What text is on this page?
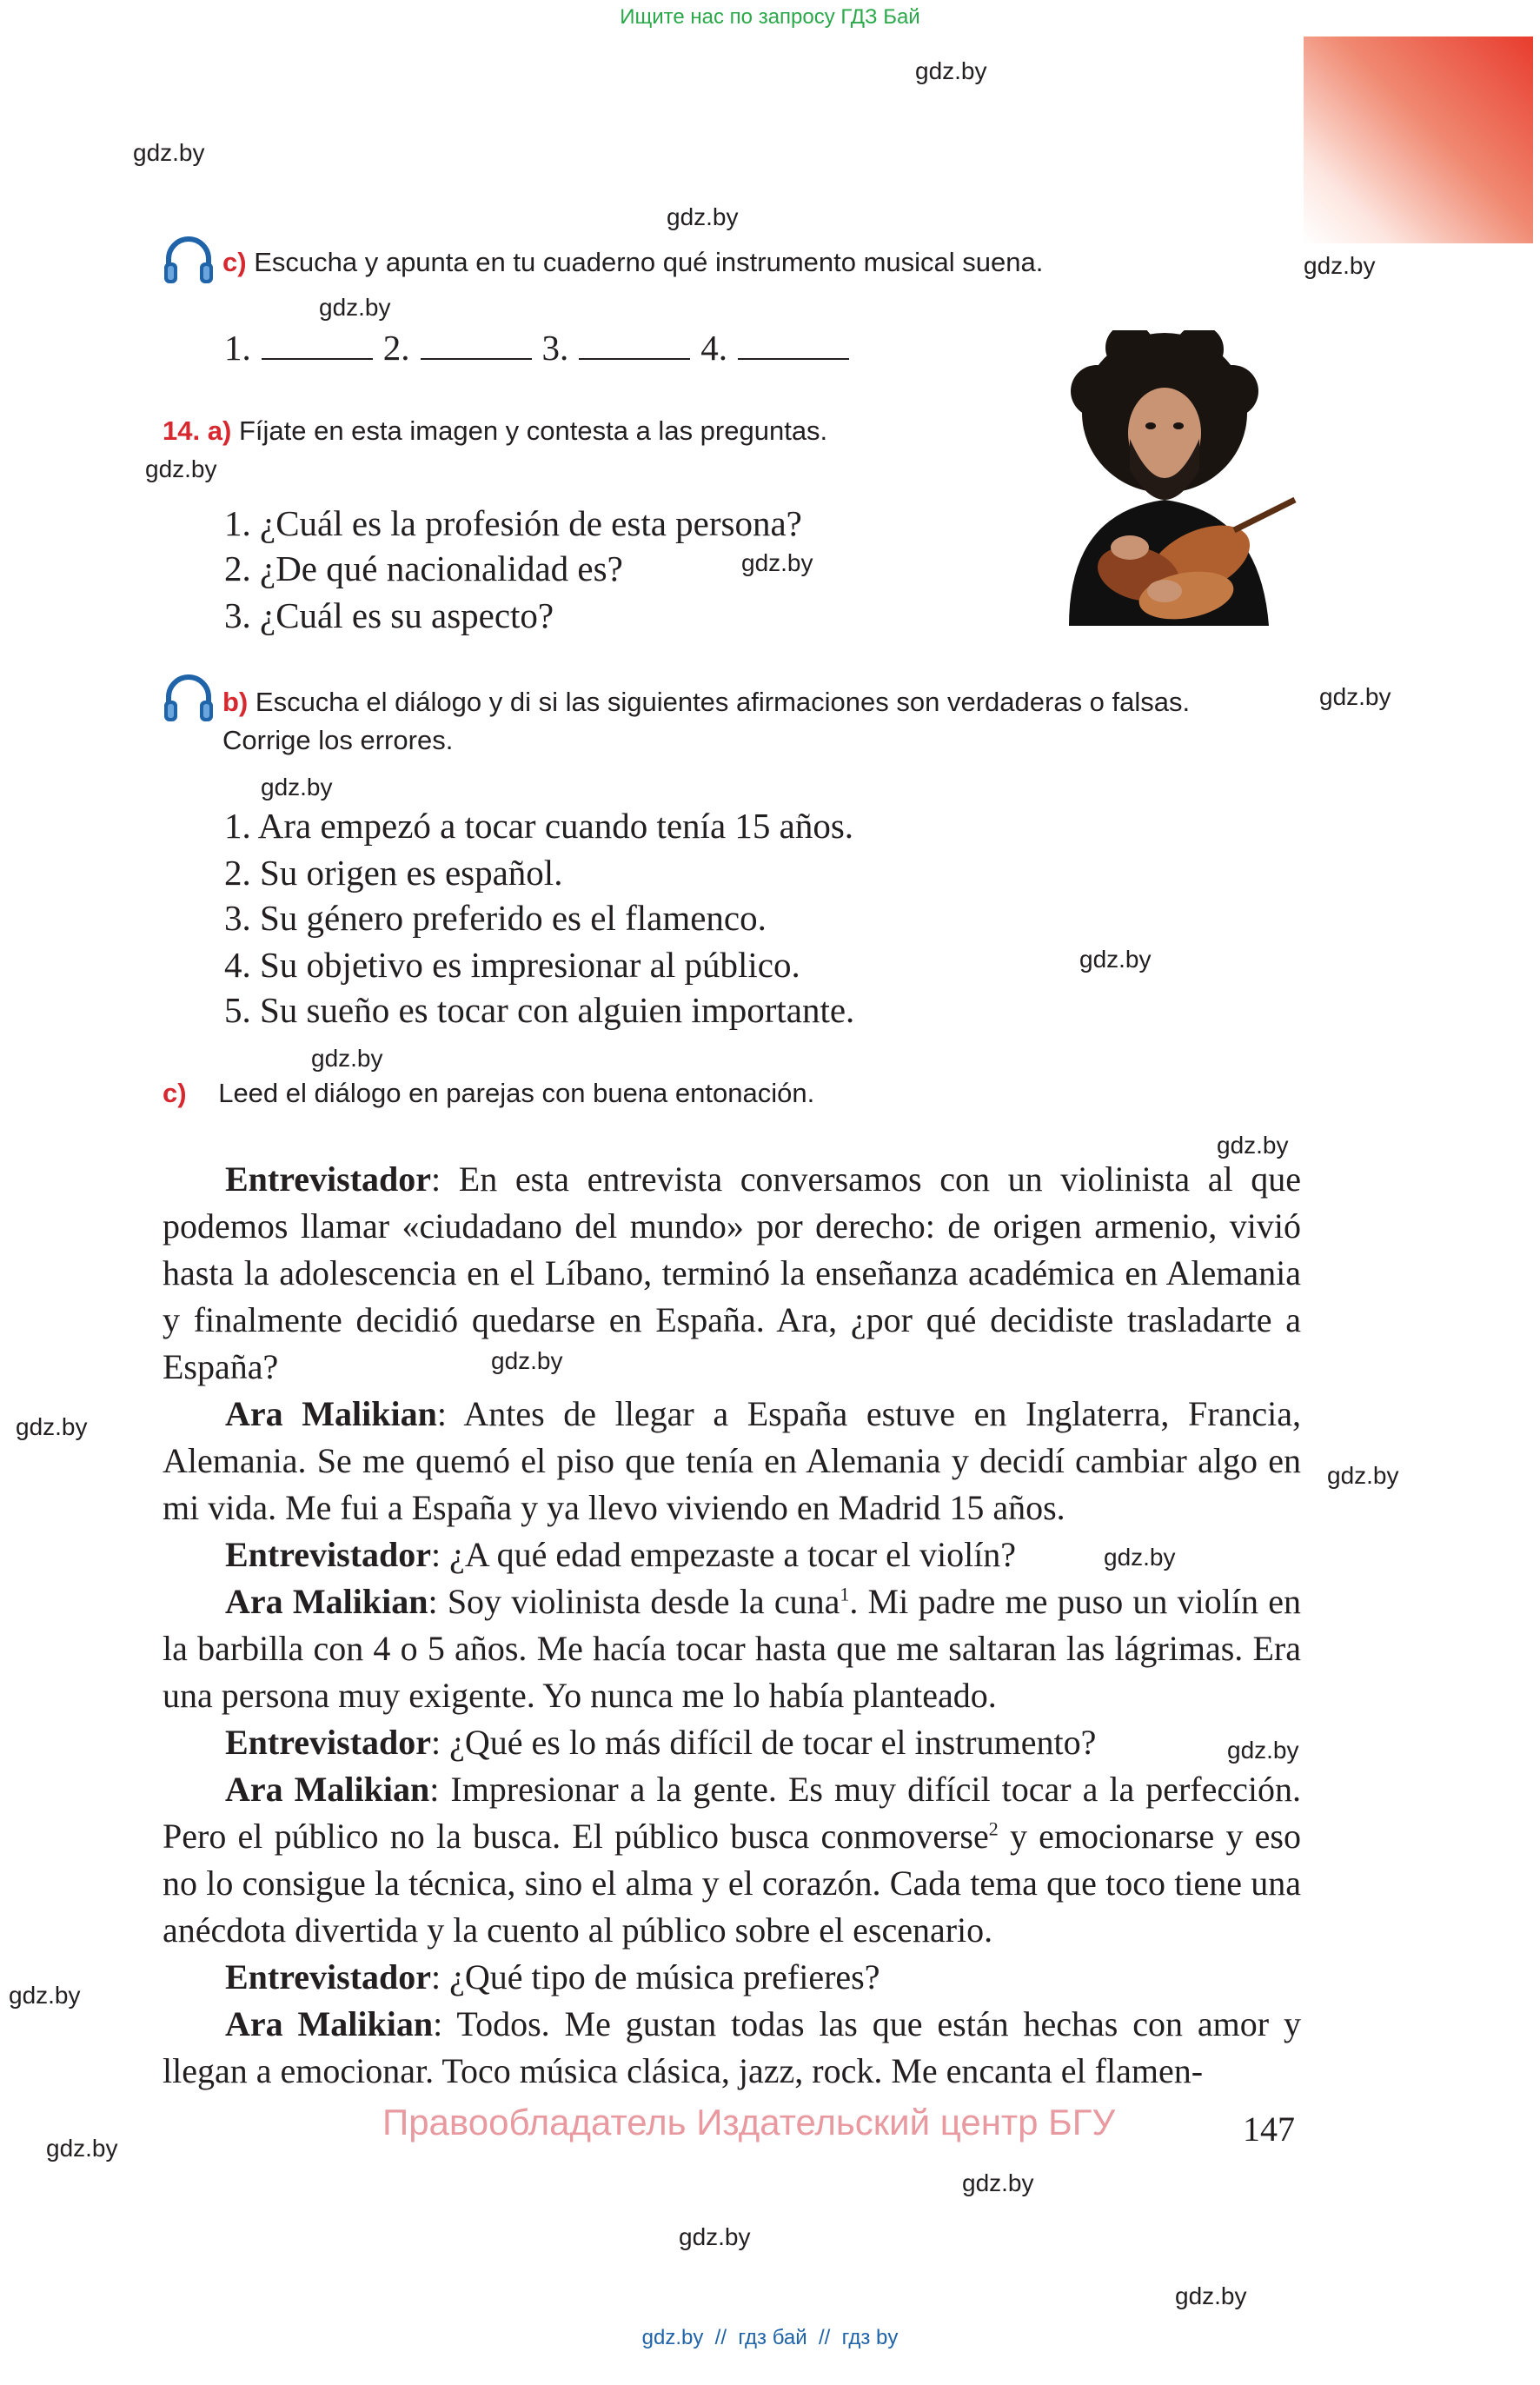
Ищите нас по запросу ГДЗ Бай
gdz.by
gdz.by
gdz.by
gdz.by
gdz.by
gdz.by
gdz.by
gdz.by
gdz.by
gdz.by
gdz.by
gdz.by
gdz.by
gdz.by
gdz.by
gdz.by
gdz.by
gdz.by
gdz.by
gdz.by
gdz.by
gdz.by
c) Escucha y apunta en tu cuaderno qué instrumento musical suena.
1.	2.	3.	4.
14. a) Fíjate en esta imagen y contesta a las preguntas.
1. ¿Cuál es la profesión de esta persona?
2. ¿De qué nacionalidad es?
3. ¿Cuál es su aspecto?
b) Escucha el diálogo y di si las siguientes afirmaciones son verdaderas o falsas.
Corrige los errores.
1. Ara empezó a tocar cuando tenía 15 años.
2. Su origen es español.
3. Su género preferido es el flamenco.
4. Su objetivo es impresionar al público.
5. Su sueño es tocar con alguien importante.
c) Leed el diálogo en parejas con buena entonación.

Entrevistador: En esta entrevista conversamos con un violinista al que podemos llamar «ciudadano del mundo» por derecho: de origen armenio, vivió hasta la adolescencia en el Líbano, terminó la enseñanza académica en Alemania y finalmente decidió quedarse en España. Ara, ¿por qué decidiste trasladarte a España?

Ara Malikian: Antes de llegar a España estuve en Inglaterra, Francia, Alemania. Se me quemó el piso que tenía en Alemania y decidí cambiar algo en mi vida. Me fui a España y ya llevo viviendo en Madrid 15 años.

Entrevistador: ¿A qué edad empezaste a tocar el violín?

Ara Malikian: Soy violinista desde la cuna$^1$. Mi padre me puso un violín en la barbilla con 4 o 5 años. Me hacía tocar hasta que me saltaran las lágrimas. Era una persona muy exigente. Yo nunca me lo había planteado.

Entrevistador: ¿Qué es lo más difícil de tocar el instrumento?

Ara Malikian: Impresionar a la gente. Es muy difícil tocar a la perfección. Pero el público no la busca. El público busca conmoverse$^2$ y emocionarse y eso no lo consigue la técnica, sino el alma y el corazón. Cada tema que toco tiene una anécdota divertida y la cuento al público sobre el escenario.

Entrevistador: ¿Qué tipo de música prefieres?

Ara Malikian: Todos. Me gustan todas las que están hechas con amor y llegan a emocionar. Toco música clásica, jazz, rock. Me encanta el flamen-

Правообладатель Издательский центр БГУ	147
gdz.by  //  гдз бай  //  гдз by
